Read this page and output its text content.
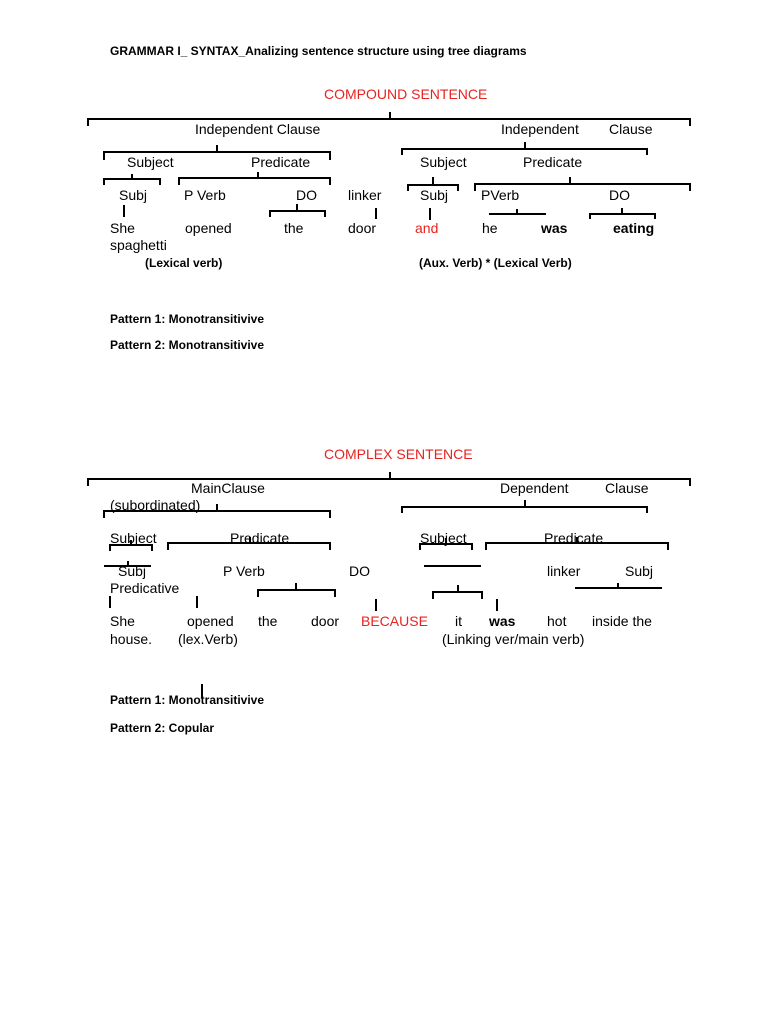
GRAMMAR I_ SYNTAX_Analizing sentence structure using tree diagrams
COMPOUND SENTENCE
Independent Clause	Independent Clause
Subject	Predicate	Subject	Predicate
Subj	P Verb	DO linker	Subj PVerb	DO
She	opened	the	door	and	he	was	eating
spaghetti
(Lexical verb)	(Aux. Verb) * (Lexical Verb)
Pattern 1: Monotransitivive
Pattern 2: Monotransitivive
COMPLEX SENTENCE
MainClause	Dependent	Clause
(subordinated)
Subject	Predicate	Subject	Predicate
Subj	P Verb	DO	linker	Subj
Predicative
She	opened the door BECAUSE it was hot inside the
house. (lex.Verb)	(Linking ver/main verb)
Pattern 1: Monotransitivive
Pattern 2: Copular
